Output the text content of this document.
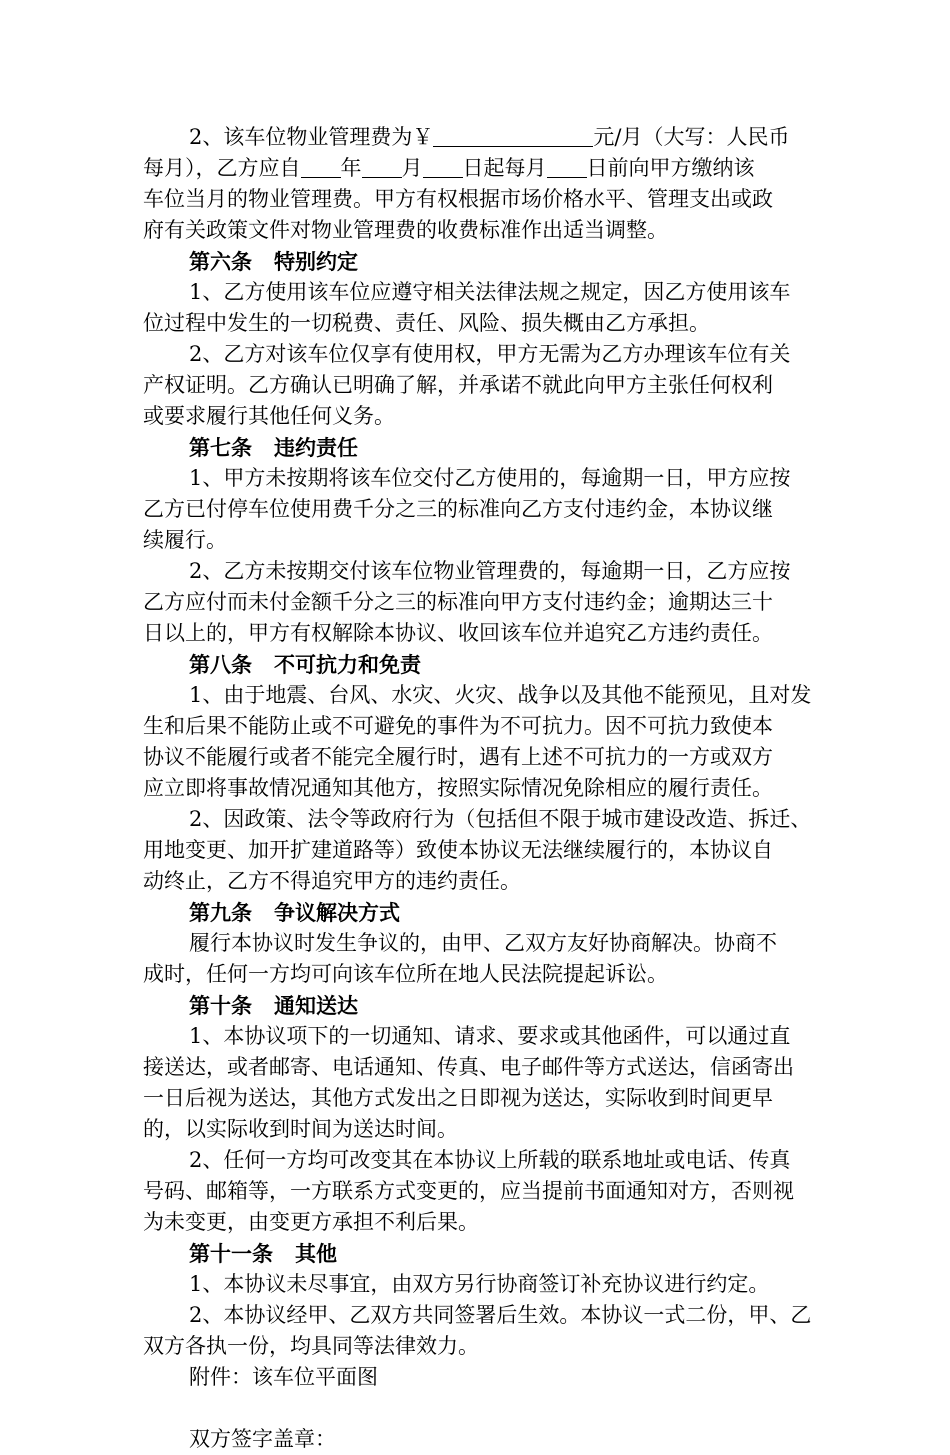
2、该车位物业管理费为￥	元/月（大写：人民币
每月），乙方应自 年 月 日起每月 日前向甲方缴纳该
车位当月的物业管理费。甲方有权根据市场价格水平、管理支出或政
府有关政策文件对物业管理费的收费标准作出适当调整。
第六条 特别约定
1、乙方使用该车位应遵守相关法律法规之规定，因乙方使用该车
位过程中发生的一切税费、责任、风险、损失概由乙方承担。
2、乙方对该车位仅享有使用权，甲方无需为乙方办理该车位有关
产权证明。乙方确认已明确了解，并承诺不就此向甲方主张任何权利
或要求履行其他任何义务。
第七条 违约责任
1、甲方未按期将该车位交付乙方使用的，每逾期一日，甲方应按
乙方已付停车位使用费千分之三的标准向乙方支付违约金，本协议继
续履行。
2、乙方未按期交付该车位物业管理费的，每逾期一日，乙方应按
乙方应付而未付金额千分之三的标准向甲方支付违约金；逾期达三十
日以上的，甲方有权解除本协议、收回该车位并追究乙方违约责任。
第八条 不可抗力和免责
1、由于地震、台风、水灾、火灾、战争以及其他不能预见，且对发
生和后果不能防止或不可避免的事件为不可抗力。因不可抗力致使本
协议不能履行或者不能完全履行时，遇有上述不可抗力的一方或双方
应立即将事故情况通知其他方，按照实际情况免除相应的履行责任。
2、因政策、法令等政府行为（包括但不限于城市建设改造、拆迁、
用地变更、加开扩建道路等）致使本协议无法继续履行的，本协议自
动终止，乙方不得追究甲方的违约责任。
第九条 争议解决方式
履行本协议时发生争议的，由甲、乙双方友好协商解决。协商不
成时，任何一方均可向该车位所在地人民法院提起诉讼。
第十条 通知送达
1、本协议项下的一切通知、请求、要求或其他函件，可以通过直
接送达，或者邮寄、电话通知、传真、电子邮件等方式送达，信函寄出
一日后视为送达，其他方式发出之日即视为送达，实际收到时间更早
的，以实际收到时间为送达时间。
2、任何一方均可改变其在本协议上所载的联系地址或电话、传真
号码、邮箱等，一方联系方式变更的，应当提前书面通知对方，否则视
为未变更，由变更方承担不利后果。
第十一条 其他
1、本协议未尽事宜，由双方另行协商签订补充协议进行约定。
2、本协议经甲、乙双方共同签署后生效。本协议一式二份，甲、乙
双方各执一份，均具同等法律效力。
附件：该车位平面图
双方签字盖章：
